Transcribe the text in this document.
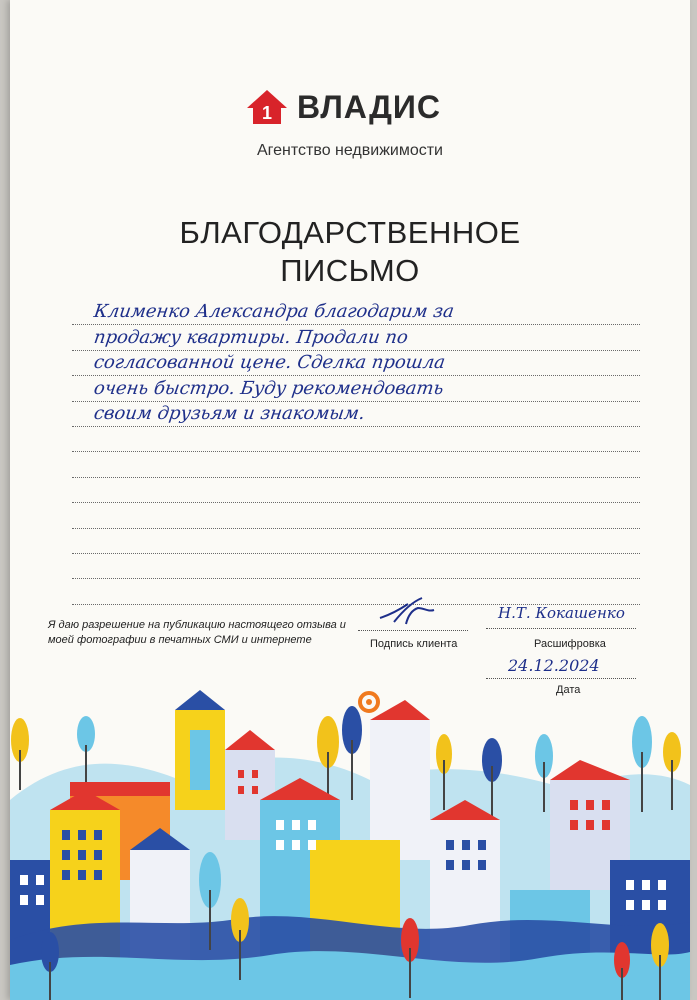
1 ВЛАДИС
Агентство недвижимости
БЛАГОДАРСТВЕННОЕ
ПИСЬМО
Клименко Александра благодарим за
продажу квартиры. Продали по
согласованной цене. Сделка прошла
очень быстро. Буду рекомендовать
своим друзьям и знакомым.
Я даю разрешение на публикацию настоящего отзыва и моей фотографии в печатных СМИ и интернете	Подпись клиента
Н.Т. Кокашенко
Расшифровка
24.12.2024
Дата
